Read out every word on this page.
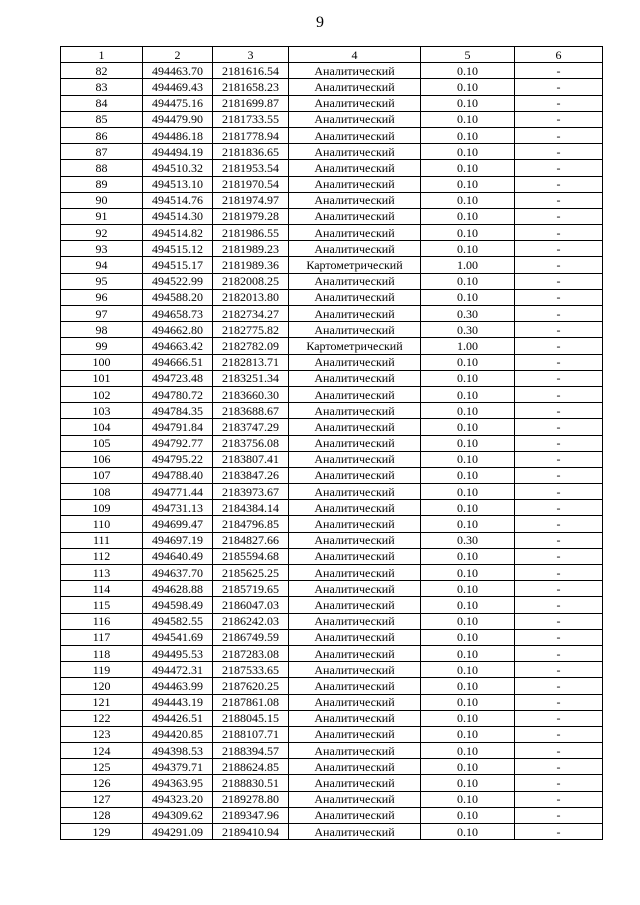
9
1	2	3	4	5	6
82	494463.70	2181616.54	Аналитический	0.10	-
83	494469.43	2181658.23	Аналитический	0.10	-
84	494475.16	2181699.87	Аналитический	0.10	-
85	494479.90	2181733.55	Аналитический	0.10	-
86	494486.18	2181778.94	Аналитический	0.10	-
87	494494.19	2181836.65	Аналитический	0.10	-
88	494510.32	2181953.54	Аналитический	0.10	-
89	494513.10	2181970.54	Аналитический	0.10	-
90	494514.76	2181974.97	Аналитический	0.10	-
91	494514.30	2181979.28	Аналитический	0.10	-
92	494514.82	2181986.55	Аналитический	0.10	-
93	494515.12	2181989.23	Аналитический	0.10	-
94	494515.17	2181989.36	Картометрический	1.00	-
95	494522.99	2182008.25	Аналитический	0.10	-
96	494588.20	2182013.80	Аналитический	0.10	-
97	494658.73	2182734.27	Аналитический	0.30	-
98	494662.80	2182775.82	Аналитический	0.30	-
99	494663.42	2182782.09	Картометрический	1.00	-
100	494666.51	2182813.71	Аналитический	0.10	-
101	494723.48	2183251.34	Аналитический	0.10	-
102	494780.72	2183660.30	Аналитический	0.10	-
103	494784.35	2183688.67	Аналитический	0.10	-
104	494791.84	2183747.29	Аналитический	0.10	-
105	494792.77	2183756.08	Аналитический	0.10	-
106	494795.22	2183807.41	Аналитический	0.10	-
107	494788.40	2183847.26	Аналитический	0.10	-
108	494771.44	2183973.67	Аналитический	0.10	-
109	494731.13	2184384.14	Аналитический	0.10	-
110	494699.47	2184796.85	Аналитический	0.10	-
111	494697.19	2184827.66	Аналитический	0.30	-
112	494640.49	2185594.68	Аналитический	0.10	-
113	494637.70	2185625.25	Аналитический	0.10	-
114	494628.88	2185719.65	Аналитический	0.10	-
115	494598.49	2186047.03	Аналитический	0.10	-
116	494582.55	2186242.03	Аналитический	0.10	-
117	494541.69	2186749.59	Аналитический	0.10	-
118	494495.53	2187283.08	Аналитический	0.10	-
119	494472.31	2187533.65	Аналитический	0.10	-
120	494463.99	2187620.25	Аналитический	0.10	-
121	494443.19	2187861.08	Аналитический	0.10	-
122	494426.51	2188045.15	Аналитический	0.10	-
123	494420.85	2188107.71	Аналитический	0.10	-
124	494398.53	2188394.57	Аналитический	0.10	-
125	494379.71	2188624.85	Аналитический	0.10	-
126	494363.95	2188830.51	Аналитический	0.10	-
127	494323.20	2189278.80	Аналитический	0.10	-
128	494309.62	2189347.96	Аналитический	0.10	-
129	494291.09	2189410.94	Аналитический	0.10	-
